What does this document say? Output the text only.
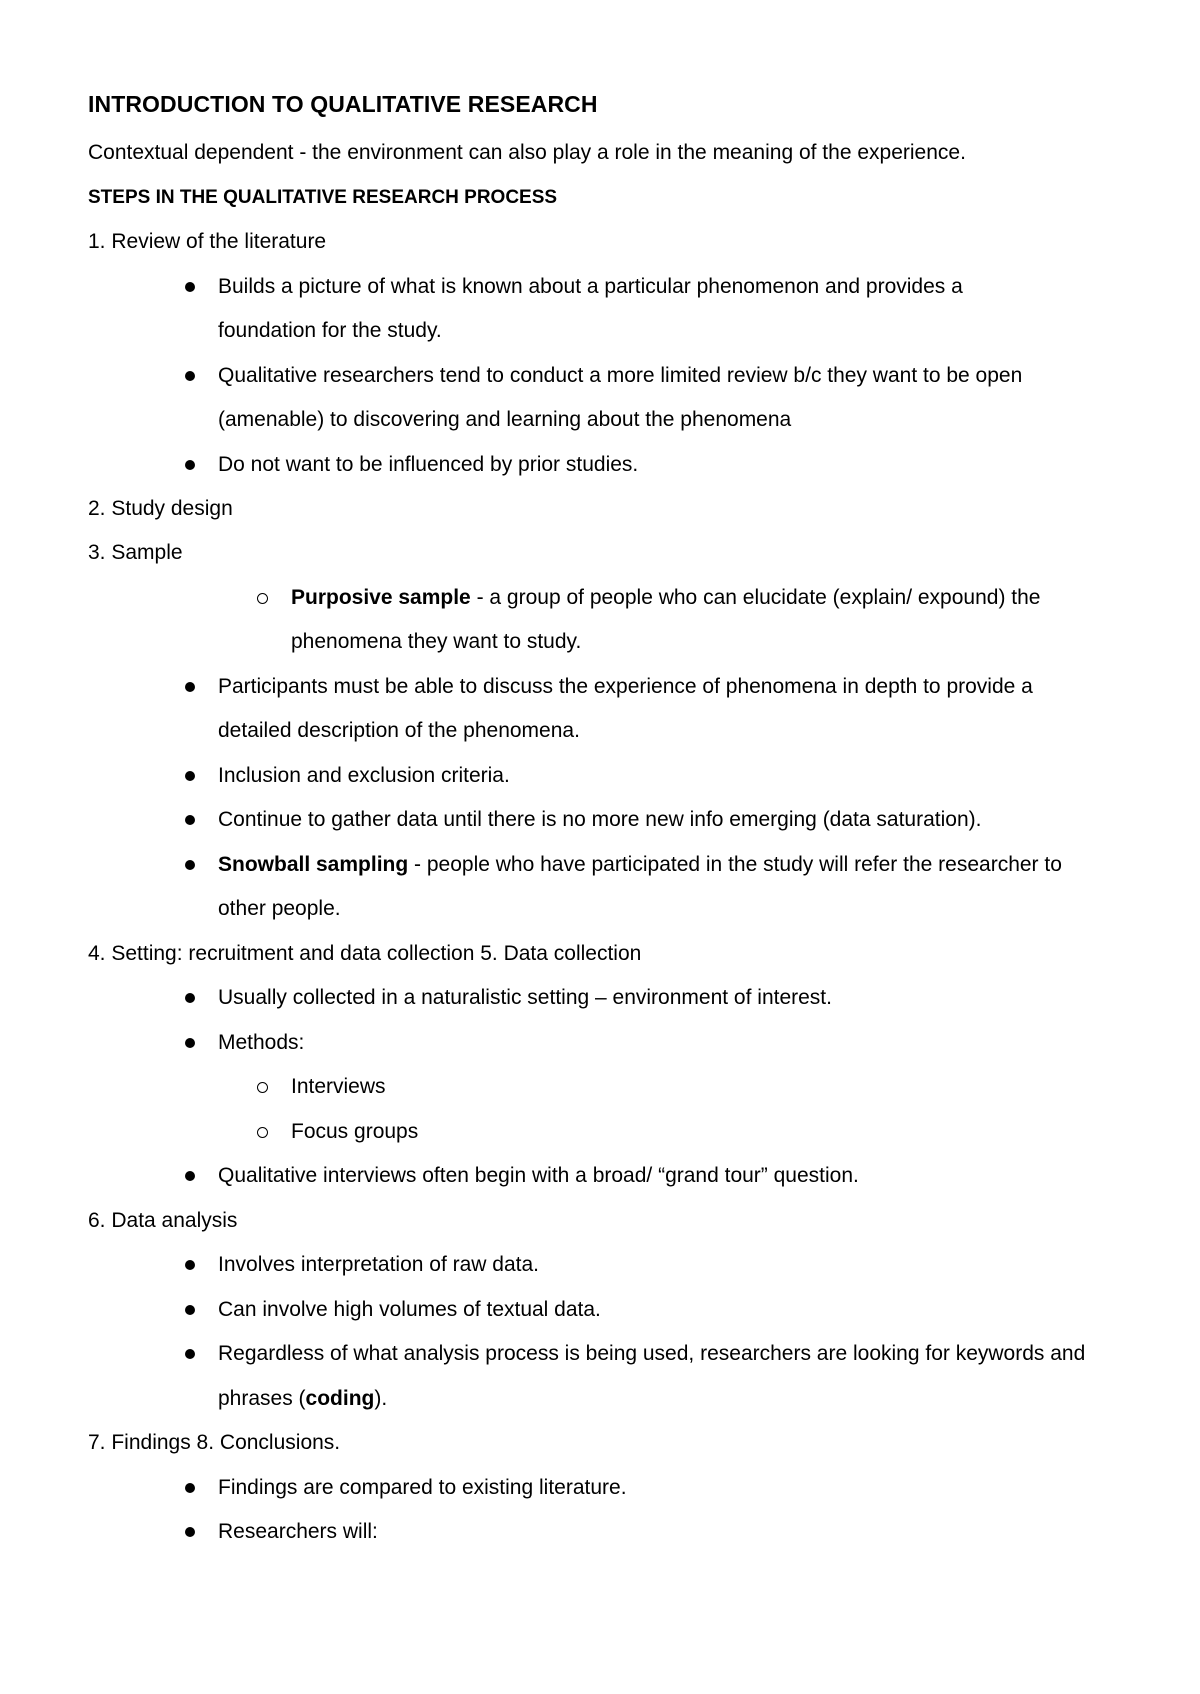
INTRODUCTION TO QUALITATIVE RESEARCH
Contextual dependent - the environment can also play a role in the meaning of the experience.
STEPS IN THE QUALITATIVE RESEARCH PROCESS
1. Review of the literature
Builds a picture of what is known about a particular phenomenon and provides a
foundation for the study.
Qualitative researchers tend to conduct a more limited review b/c they want to be open
(amenable) to discovering and learning about the phenomena
Do not want to be influenced by prior studies.
2. Study design
3. Sample
Purposive sample - a group of people who can elucidate (explain/ expound) the
phenomena they want to study.
Participants must be able to discuss the experience of phenomena in depth to provide a
detailed description of the phenomena.
Inclusion and exclusion criteria.
Continue to gather data until there is no more new info emerging (data saturation).
Snowball sampling - people who have participated in the study will refer the researcher to
other people.
4. Setting: recruitment and data collection 5. Data collection
Usually collected in a naturalistic setting – environment of interest.
Methods:
Interviews
Focus groups
Qualitative interviews often begin with a broad/ “grand tour” question.
6. Data analysis
Involves interpretation of raw data.
Can involve high volumes of textual data.
Regardless of what analysis process is being used, researchers are looking for keywords and
phrases (coding).
7. Findings 8. Conclusions.
Findings are compared to existing literature.
Researchers will:
